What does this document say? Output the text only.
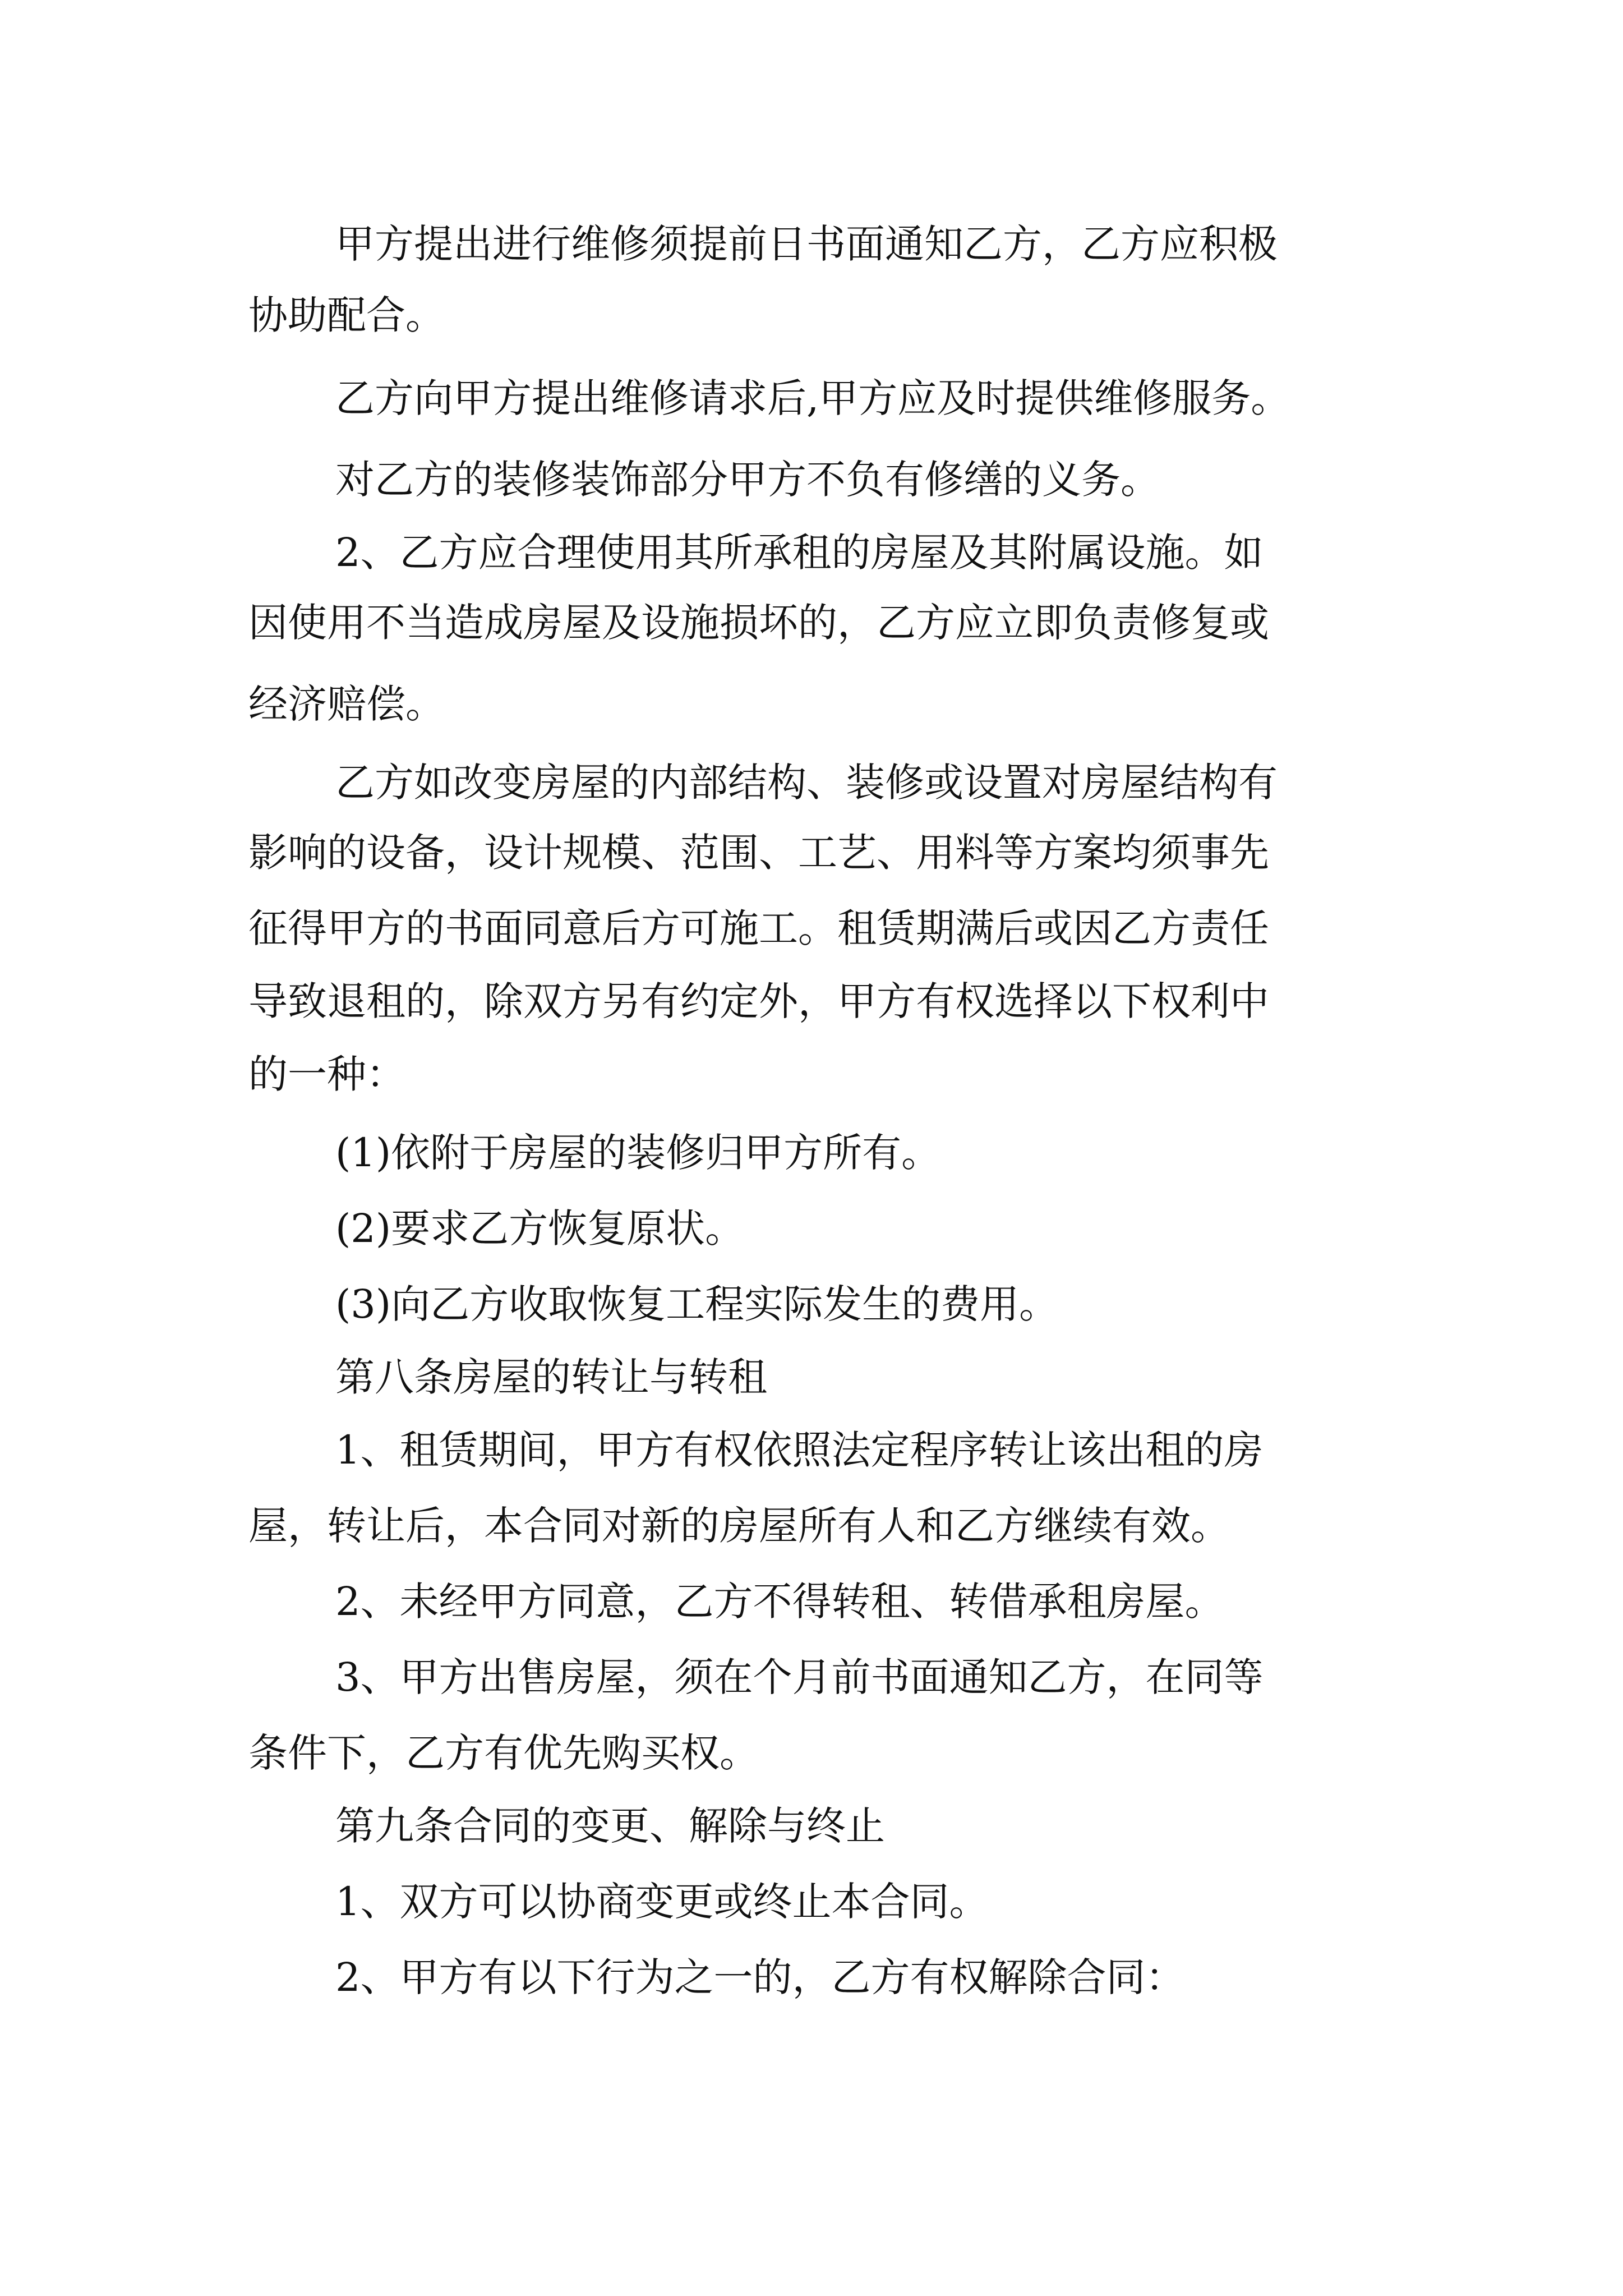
甲方提出进行维修须提前日书面通知乙方，乙方应积极
协助配合。
乙方向甲方提出维修请求后,甲方应及时提供维修服务。
对乙方的装修装饰部分甲方不负有修缮的义务。
2、乙方应合理使用其所承租的房屋及其附属设施。如
因使用不当造成房屋及设施损坏的，乙方应立即负责修复或
经济赔偿。
乙方如改变房屋的内部结构、装修或设置对房屋结构有
影响的设备，设计规模、范围、工艺、用料等方案均须事先
征得甲方的书面同意后方可施工。租赁期满后或因乙方责任
导致退租的，除双方另有约定外，甲方有权选择以下权利中
的一种：
(1)依附于房屋的装修归甲方所有。
(2)要求乙方恢复原状。
(3)向乙方收取恢复工程实际发生的费用。
第八条房屋的转让与转租
1、租赁期间，甲方有权依照法定程序转让该出租的房
屋，转让后，本合同对新的房屋所有人和乙方继续有效。
2、未经甲方同意，乙方不得转租、转借承租房屋。
3、甲方出售房屋，须在个月前书面通知乙方，在同等
条件下，乙方有优先购买权。
第九条合同的变更、解除与终止
1、双方可以协商变更或终止本合同。
2、甲方有以下行为之一的，乙方有权解除合同：
